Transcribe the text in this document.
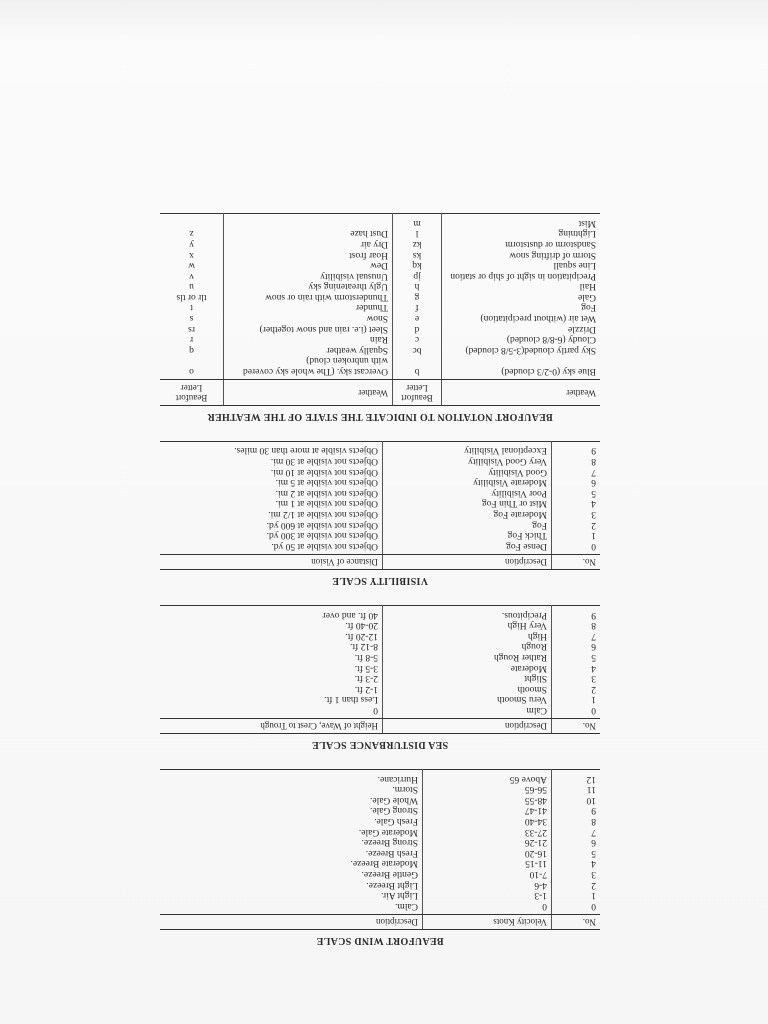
BEAUFORT WIND SCALE
No.	Velocity Knots	Description
0	0	Calm.
1	1-3	Light Air.
2	4-6	Light Breeze.
3	7-10	Gentle Breeze.
4	11-15	Moderate Breeze.
5	16-20	Fresh Breeze.
6	21-26	Strong Breeze.
7	27-33	Moderate Gale.
8	34-40	Fresh Gale.
9	41-47	Strong Gale.
10	48-55	Whole Gale.
11	56-65	Storm.
12	Above 65	Hurricane.
SEA DISTURBANCE SCALE
No.	Description	Height of Wave, Crest to Trough
0	Calm	0
1	Veru Smooth	Less than 1 ft.
2	Smooth	1-2 ft.
3	Slight	2-3 ft.
4	Moderate	3-5 ft.
5	Rather Rough	5-8 ft.
6	Rough	8-12 ft.
7	High	12-20 ft.
8	Very High	20-40 ft.
9	Precipitous.	40 ft. and over
VISIBILITY SCALE
No.	Description	Distance of Vision
0	Dense Fog	Objects not visible at 50 yd.
1	Thick Fog	Objects not visible at 300 yd.
2	Fog	Objects not visible at 600 yd.
3	Moderate Fog	Objects not visible at 1/2 mi.
4	Mist or Thin Fog	Objects not visible at 1 mi.
5	Poor Visibility	Objects not visible at 2 mi.
6	Moderate Visibility	Objects not visible at 5 mi.
7	Good Visibility	Objects not visible at 10 mi.
8	Very Good Visibility	Objects not visible at 30 mi.
9	Exceptional Visibility	Objects visible at more than 30 miles.
BEAUFORT NOTATION TO INDICATE THE STATE OF THE WEATHER
Weather	Beaufort Letter	Weather	Beaufort Letter
Blue sky (0-2/3 clouded)	b	Overcast sky. (The whole sky covered with unbroken cloud)	o
Sky partly clouded(3-5/8 clouded)	bc	Squally weather	q
Cloudy (6-8/8 clouded)	c	Rain	r
Drizzle	d	Sleet (i.e. rain and snow together)	rs
Wet air (without precipitation)	e	Snow	s
Fog	f	Thunder	t
Gale	g	Thunderstorm with rain or snow	tlr or tls
Hail	h	Ugly threatening sky	u
Precipitation in sight of ship or station	jp	Unusual visibility	v
Line squall	kq	Dew	w
Storm of drifting snow	ks	Hoar frost	x
Sandstorm or duststorm	kz	Dry air	y
Lightning	l	Dust haze	z
Mist	m		
